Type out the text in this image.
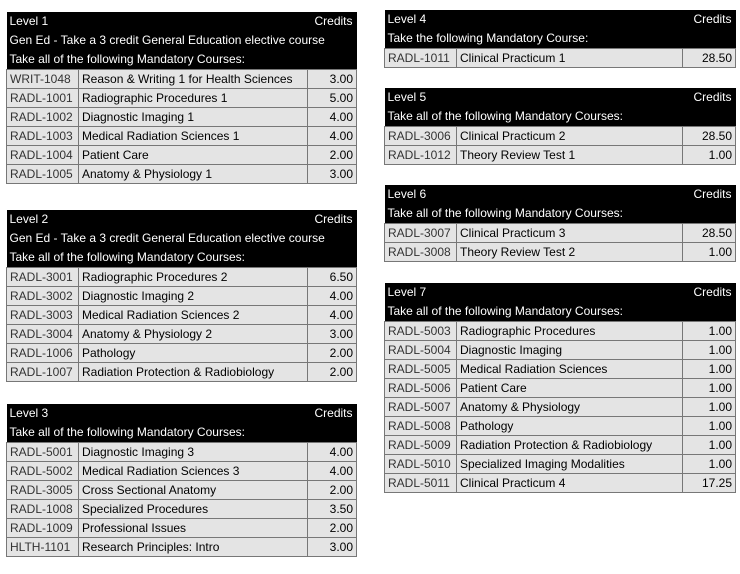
Level 1		Credits
Gen Ed - Take a 3 credit General Education elective course		
Take all of the following Mandatory Courses:		
WRIT-1048	Reason & Writing 1 for Health Sciences	3.00
RADL-1001	Radiographic Procedures 1	5.00
RADL-1002	Diagnostic Imaging 1	4.00
RADL-1003	Medical Radiation Sciences 1	4.00
RADL-1004	Patient Care	2.00
RADL-1005	Anatomy & Physiology 1	3.00
Level 2		Credits
Gen Ed - Take a 3 credit General Education elective course		
Take all of the following Mandatory Courses:		
RADL-3001	Radiographic Procedures 2	6.50
RADL-3002	Diagnostic Imaging 2	4.00
RADL-3003	Medical Radiation Sciences 2	4.00
RADL-3004	Anatomy & Physiology 2	3.00
RADL-1006	Pathology	2.00
RADL-1007	Radiation Protection & Radiobiology	2.00
Level 3		Credits
Take all of the following Mandatory Courses:		
RADL-5001	Diagnostic Imaging 3	4.00
RADL-5002	Medical Radiation Sciences 3	4.00
RADL-3005	Cross Sectional Anatomy	2.00
RADL-1008	Specialized Procedures	3.50
RADL-1009	Professional Issues	2.00
HLTH-1101	Research Principles: Intro	3.00
Level 4		Credits
Take the following Mandatory Course:		
RADL-1011	Clinical Practicum 1	28.50
Level 5		Credits
Take all of the following Mandatory Courses:		
RADL-3006	Clinical Practicum 2	28.50
RADL-1012	Theory Review Test 1	1.00
Level 6		Credits
Take all of the following Mandatory Courses:		
RADL-3007	Clinical Practicum 3	28.50
RADL-3008	Theory Review Test 2	1.00
Level 7		Credits
Take all of the following Mandatory Courses:		
RADL-5003	Radiographic Procedures	1.00
RADL-5004	Diagnostic Imaging	1.00
RADL-5005	Medical Radiation Sciences	1.00
RADL-5006	Patient Care	1.00
RADL-5007	Anatomy & Physiology	1.00
RADL-5008	Pathology	1.00
RADL-5009	Radiation Protection & Radiobiology	1.00
RADL-5010	Specialized Imaging Modalities	1.00
RADL-5011	Clinical Practicum 4	17.25
